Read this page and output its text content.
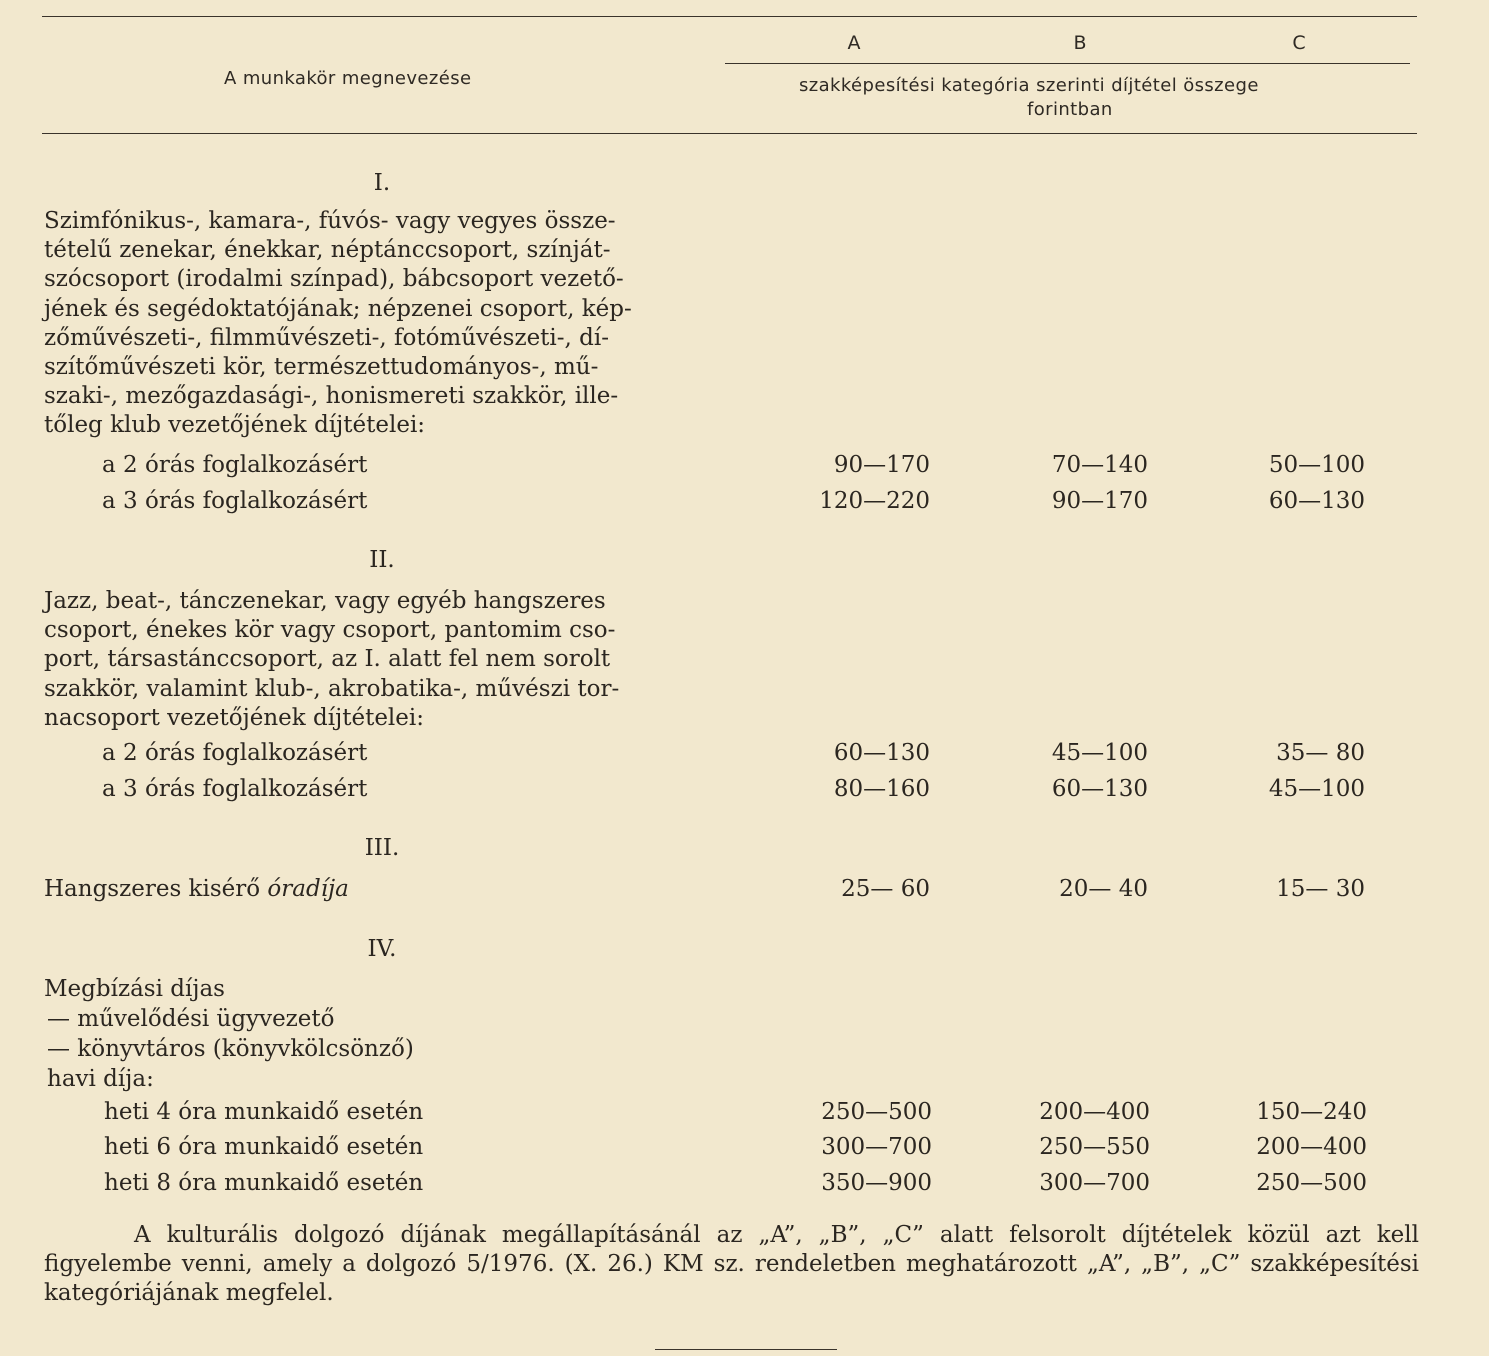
A munkakör megnevezése
A	B	C
szakképesítési kategória szerinti díjtétel összege
forintban
I.
Szimfónikus-, kamara-, fúvós- vagy vegyes össze-
tételű zenekar, énekkar, néptánccsoport, színját-
szócsoport (irodalmi színpad), bábcsoport vezető-
jének és segédoktatójának; népzenei csoport, kép-
zőművészeti-, filmművészeti-, fotóművészeti-, dí-
szítőművészeti kör, természettudományos-, mű-
szaki-, mezőgazdasági-, honismereti szakkör, ille-
tőleg klub vezetőjének díjtételei:
a 2 órás foglalkozásért	90—170	70—140	50—100
a 3 órás foglalkozásért	120—220	90—170	60—130
II.
Jazz, beat-, tánczenekar, vagy egyéb hangszeres
csoport, énekes kör vagy csoport, pantomim cso-
port, társastánccsoport, az I. alatt fel nem sorolt
szakkör, valamint klub-, akrobatika-, művészi tor-
nacsoport vezetőjének díjtételei:
a 2 órás foglalkozásért	60—130	45—100	35— 80
a 3 órás foglalkozásért	80—160	60—130	45—100
III.
Hangszeres kisérő óradíja	25— 60	20— 40	15— 30
IV.
Megbízási díjas
— művelődési ügyvezető
— könyvtáros (könyvkölcsönző)
havi díja:
heti 4 óra munkaidő esetén	250—500	200—400	150—240
heti 6 óra munkaidő esetén	300—700	250—550	200—400
heti 8 óra munkaidő esetén	350—900	300—700	250—500
A kulturális dolgozó díjának megállapításánál az „A”, „B”, „C” alatt felsorolt díjtételek közül azt kell figyelembe venni, amely a dolgozó 5/1976. (X. 26.) KM sz. rendeletben meghatározott „A”, „B”, „C” szakképesítési kategóriájának megfelel.
